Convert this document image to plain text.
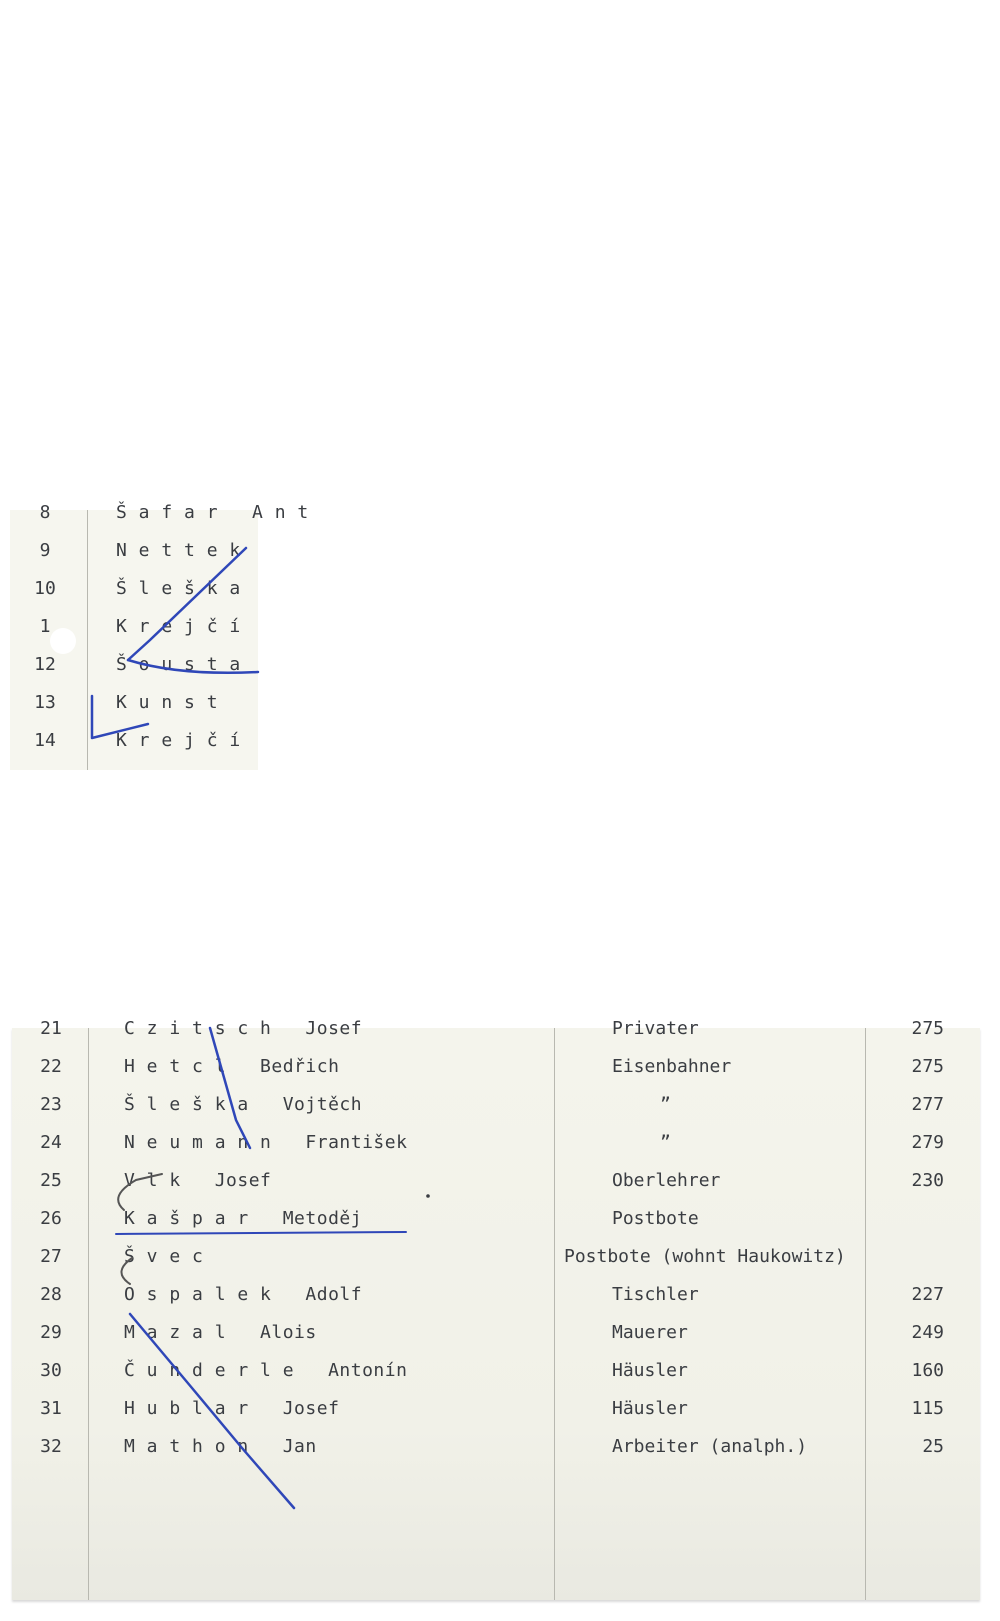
8	Š a f a r   A n t
9	N e t t e k
10	Š l e š k a
1	K r e j č í
12	Š o u s t a
13	K u n s t
14	K r e j č í
21	C z i t s c h   Josef	Privater	275
22	H e t c l   Bedřich	Eisenbahner	275
23	Š l e š k a   Vojtěch	”	277
24	N e u m a n n   František	”	279
25	V l k   Josef	Oberlehrer	230
26	K a š p a r   Metoděj	Postbote
27	Š v e c	Postbote (wohnt Haukowitz)
28	O s p a l e k   Adolf	Tischler	227
29	M a z a l   Alois	Mauerer	249
30	Č u n d e r l e   Antonín	Häusler	160
31	H u b l a r   Josef	Häusler	115
32	M a t h o n   Jan	Arbeiter (analph.)	25
